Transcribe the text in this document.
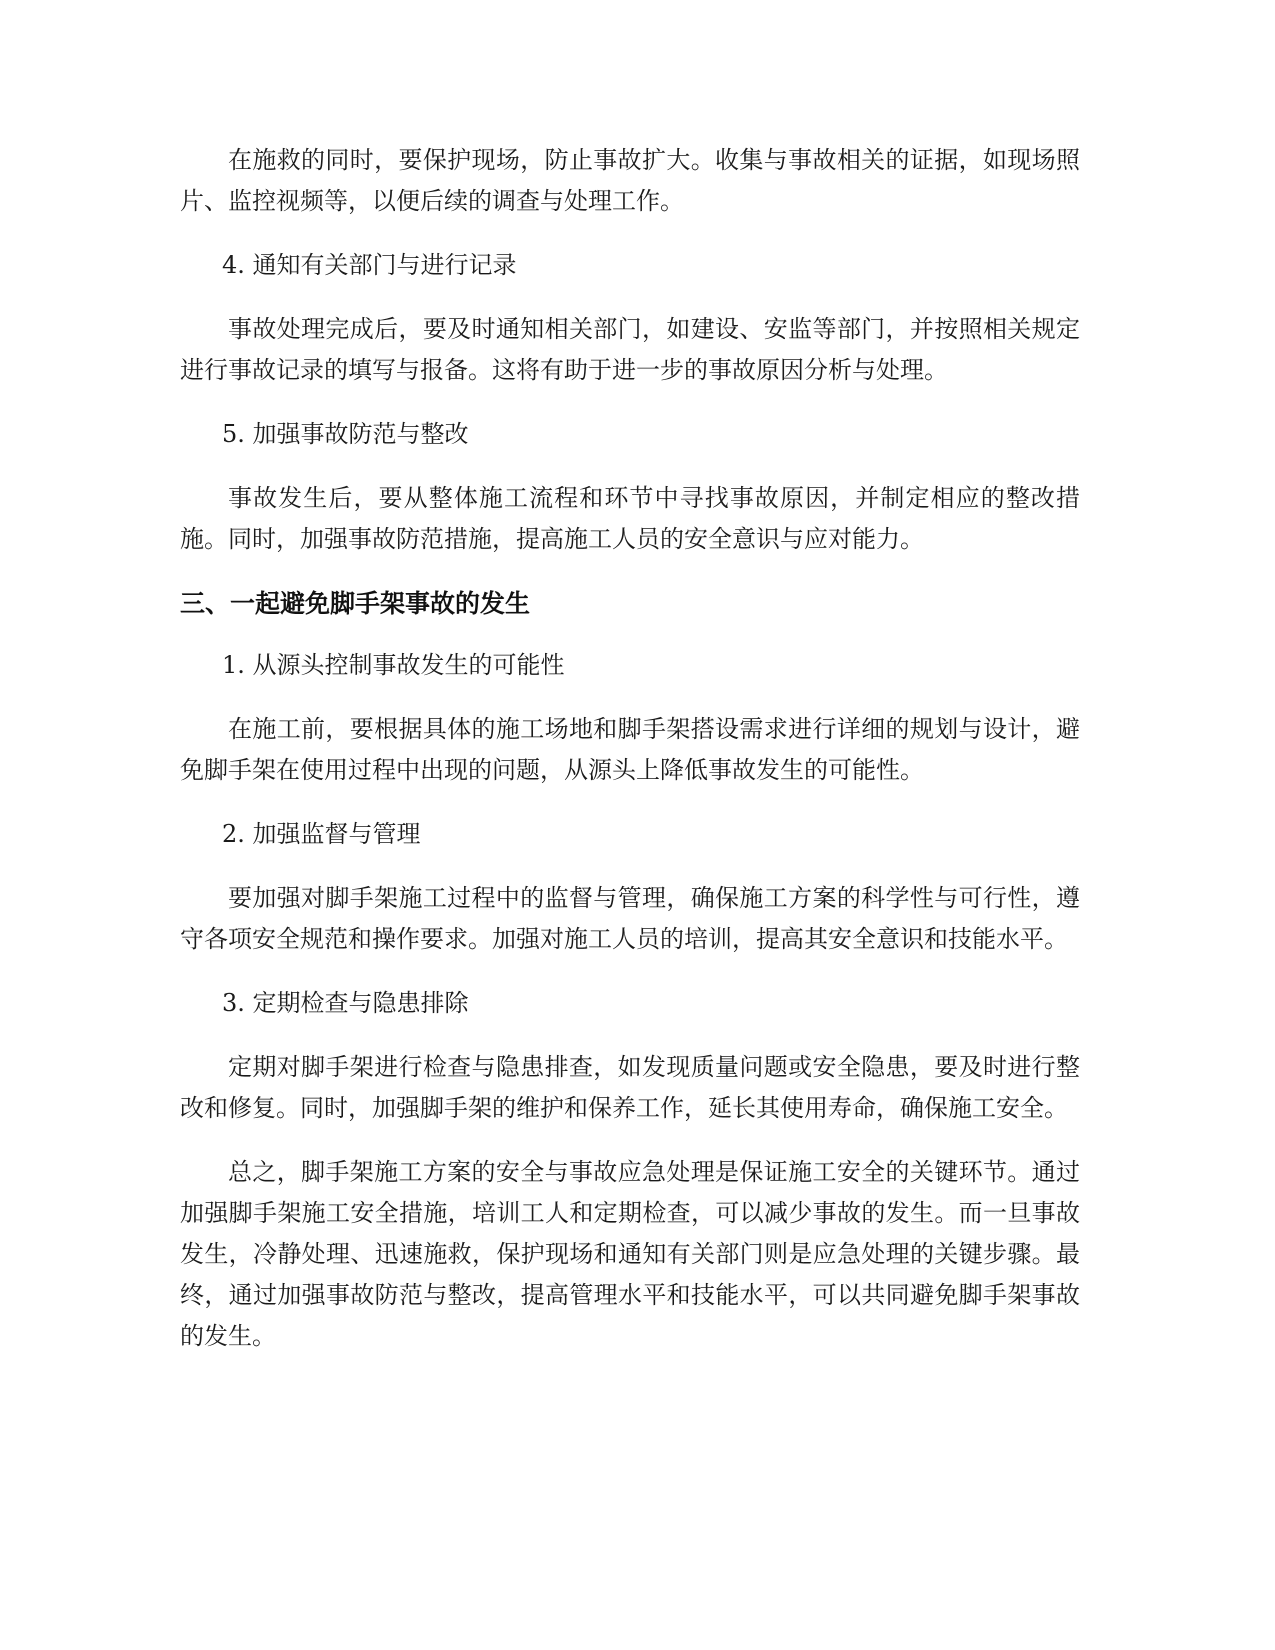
在施救的同时，要保护现场，防止事故扩大。收集与事故相关的证据，如现场照片、监控视频等，以便后续的调查与处理工作。

4. 通知有关部门与进行记录

事故处理完成后，要及时通知相关部门，如建设、安监等部门，并按照相关规定进行事故记录的填写与报备。这将有助于进一步的事故原因分析与处理。

5. 加强事故防范与整改

事故发生后，要从整体施工流程和环节中寻找事故原因，并制定相应的整改措施。同时，加强事故防范措施，提高施工人员的安全意识与应对能力。

三、一起避免脚手架事故的发生

1. 从源头控制事故发生的可能性

在施工前，要根据具体的施工场地和脚手架搭设需求进行详细的规划与设计，避免脚手架在使用过程中出现的问题，从源头上降低事故发生的可能性。

2. 加强监督与管理

要加强对脚手架施工过程中的监督与管理，确保施工方案的科学性与可行性，遵守各项安全规范和操作要求。加强对施工人员的培训，提高其安全意识和技能水平。

3. 定期检查与隐患排除

定期对脚手架进行检查与隐患排查，如发现质量问题或安全隐患，要及时进行整改和修复。同时，加强脚手架的维护和保养工作，延长其使用寿命，确保施工安全。

总之，脚手架施工方案的安全与事故应急处理是保证施工安全的关键环节。通过加强脚手架施工安全措施，培训工人和定期检查，可以减少事故的发生。而一旦事故发生，冷静处理、迅速施救，保护现场和通知有关部门则是应急处理的关键步骤。最终，通过加强事故防范与整改，提高管理水平和技能水平，可以共同避免脚手架事故的发生。
